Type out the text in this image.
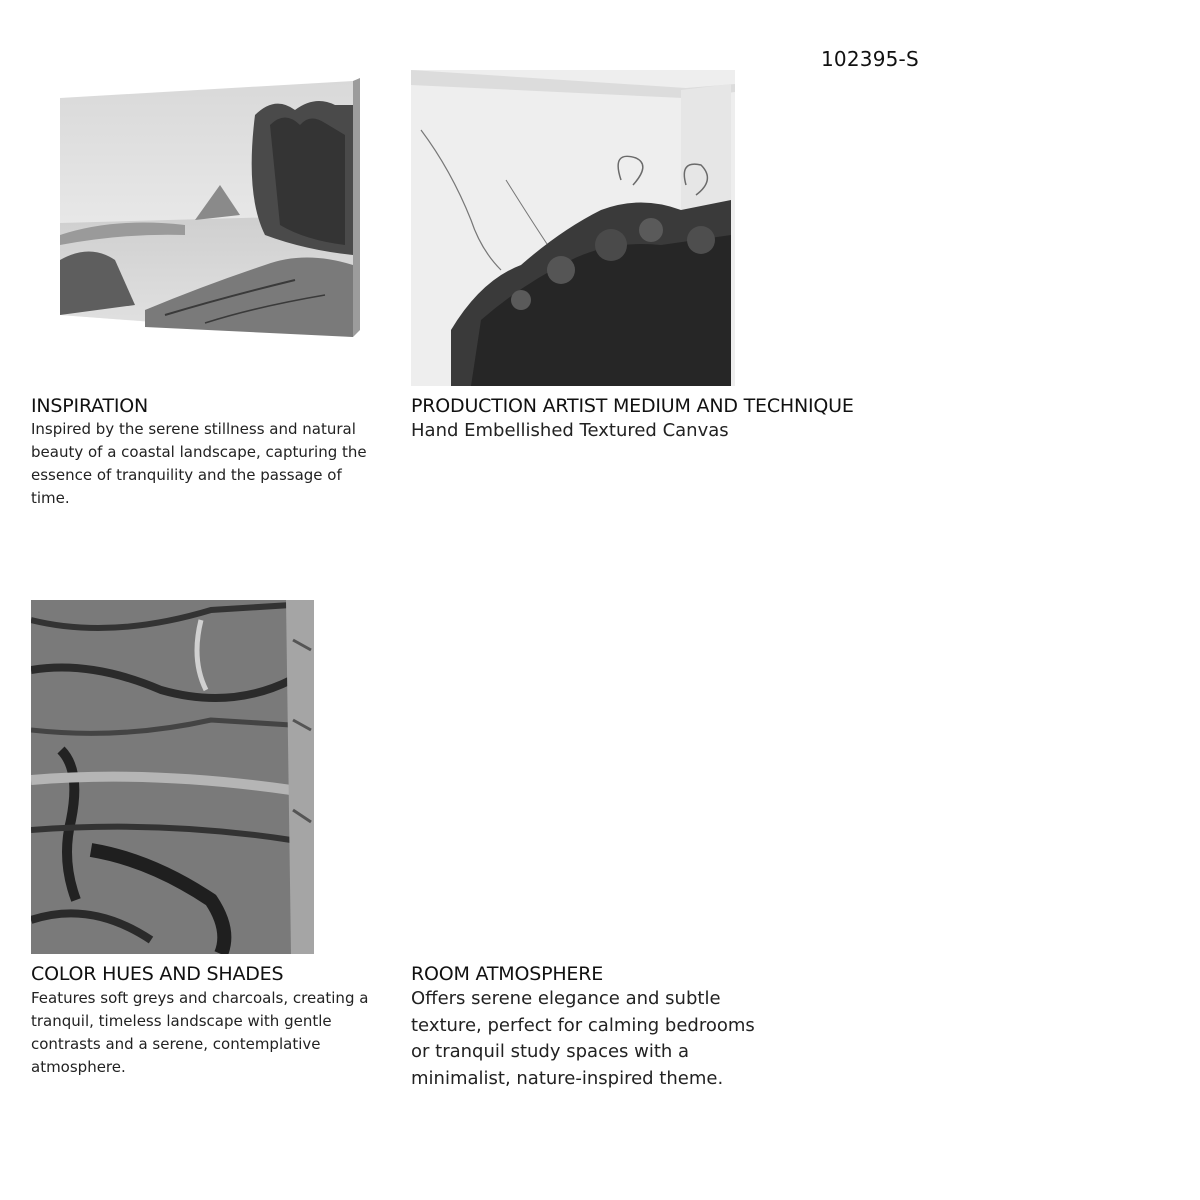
102395-S
INSPIRATION

Inspired by the serene stillness and natural beauty of a coastal landscape, capturing the essence of tranquility and the passage of time.

PRODUCTION ARTIST MEDIUM AND TECHNIQUE

Hand Embellished Textured Canvas

COLOR HUES AND SHADES

Features soft greys and charcoals, creating a tranquil, timeless landscape with gentle contrasts and a serene, contemplative atmosphere.

ROOM ATMOSPHERE

Offers serene elegance and subtle texture, perfect for calming bedrooms or tranquil study spaces with a minimalist, nature-inspired theme.
